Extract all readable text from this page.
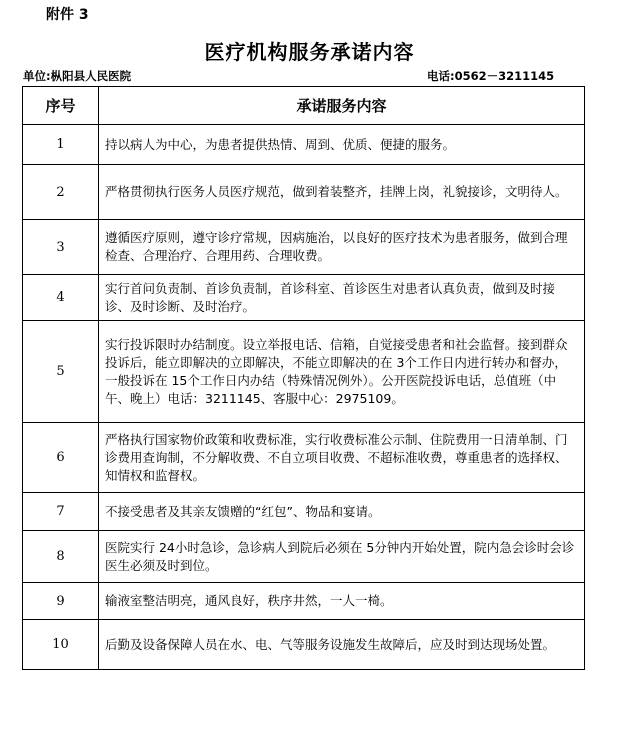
附件 3
医疗机构服务承诺内容
单位:枞阳县人民医院	电话:0562－3211145
序号	承诺服务内容
1	持以病人为中心，为患者提供热情、周到、优质、便捷的服务。
2	严格贯彻执行医务人员医疗规范，做到着装整齐，挂牌上岗，礼貌接诊，文明待人。
3	遵循医疗原则，遵守诊疗常规，因病施治，以良好的医疗技术为患者服务，做到合理检查、合理治疗、合理用药、合理收费。
4	实行首问负责制、首诊负责制，首诊科室、首诊医生对患者认真负责，做到及时接诊、及时诊断、及时治疗。
5	实行投诉限时办结制度。设立举报电话、信箱，自觉接受患者和社会监督。接到群众投诉后，能立即解决的立即解决，不能立即解决的在 3个工作日内进行转办和督办，一般投诉在 15个工作日内办结（特殊情况例外）。公开医院投诉电话，总值班（中午、晚上）电话：3211145、客服中心：2975109。
6	严格执行国家物价政策和收费标准，实行收费标准公示制、住院费用一日清单制、门诊费用查询制，不分解收费、不自立项目收费、不超标准收费，尊重患者的选择权、知情权和监督权。
7	不接受患者及其亲友馈赠的“红包”、物品和宴请。
8	医院实行 24小时急诊，急诊病人到院后必须在 5分钟内开始处置，院内急会诊时会诊医生必须及时到位。
9	输液室整洁明亮，通风良好，秩序井然，一人一椅。
10	后勤及设备保障人员在水、电、气等服务设施发生故障后，应及时到达现场处置。
